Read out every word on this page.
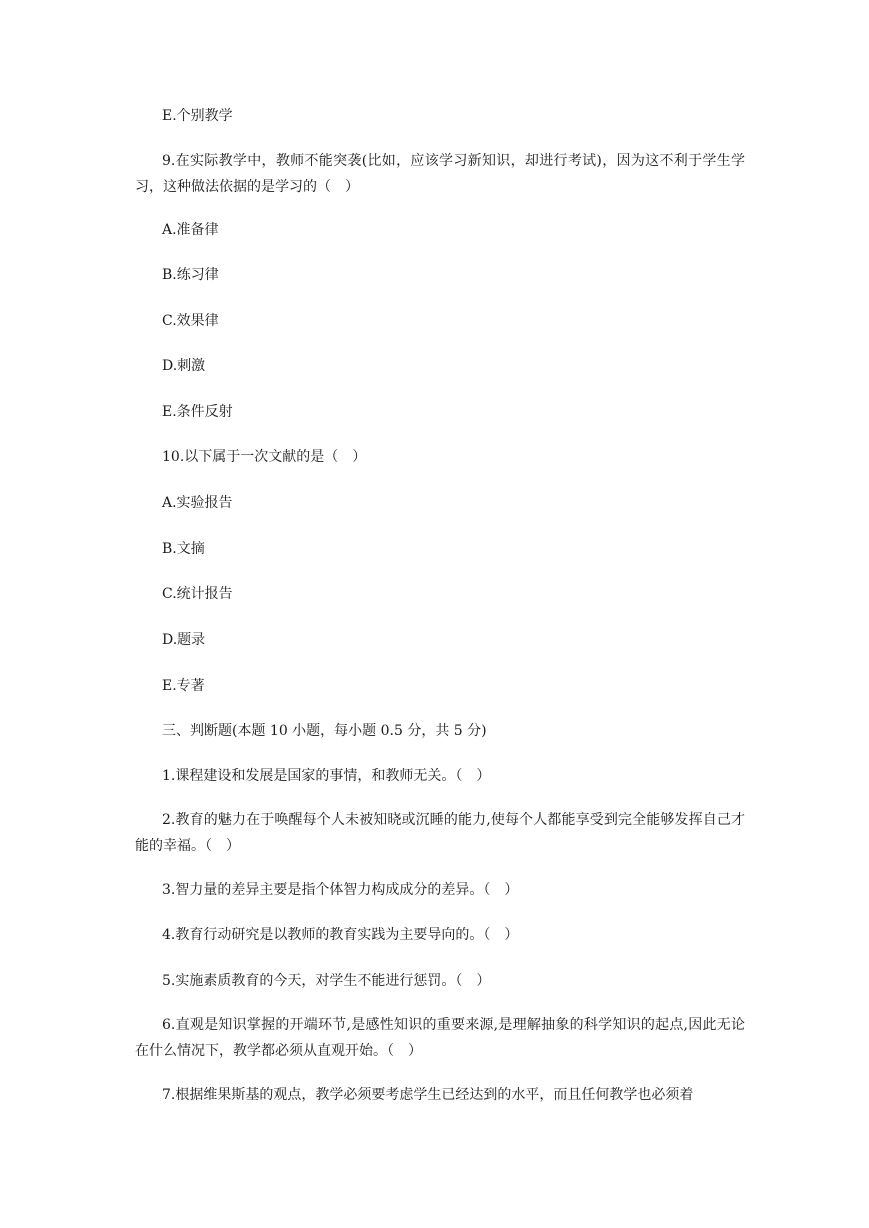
E.个别教学
9.在实际教学中，教师不能突袭(比如，应该学习新知识，却进行考试)，因为这不利于学生学习，这种做法依据的是学习的（　）
A.准备律
B.练习律
C.效果律
D.刺激
E.条件反射
10.以下属于一次文献的是（　）
A.实验报告
B.文摘
C.统计报告
D.题录
E.专著
三、判断题(本题 10 小题，每小题 0.5 分，共 5 分)
1.课程建设和发展是国家的事情，和教师无关。（　）
2.教育的魅力在于唤醒每个人未被知晓或沉睡的能力,使每个人都能享受到完全能够发挥自己才能的幸福。（　）
3.智力量的差异主要是指个体智力构成成分的差异。（　）
4.教育行动研究是以教师的教育实践为主要导向的。（　）
5.实施素质教育的今天，对学生不能进行惩罚。（　）
6.直观是知识掌握的开端环节,是感性知识的重要来源,是理解抽象的科学知识的起点,因此无论在什么情况下，教学都必须从直观开始。（　）
7.根据维果斯基的观点，教学必须要考虑学生已经达到的水平，而且任何教学也必须着
